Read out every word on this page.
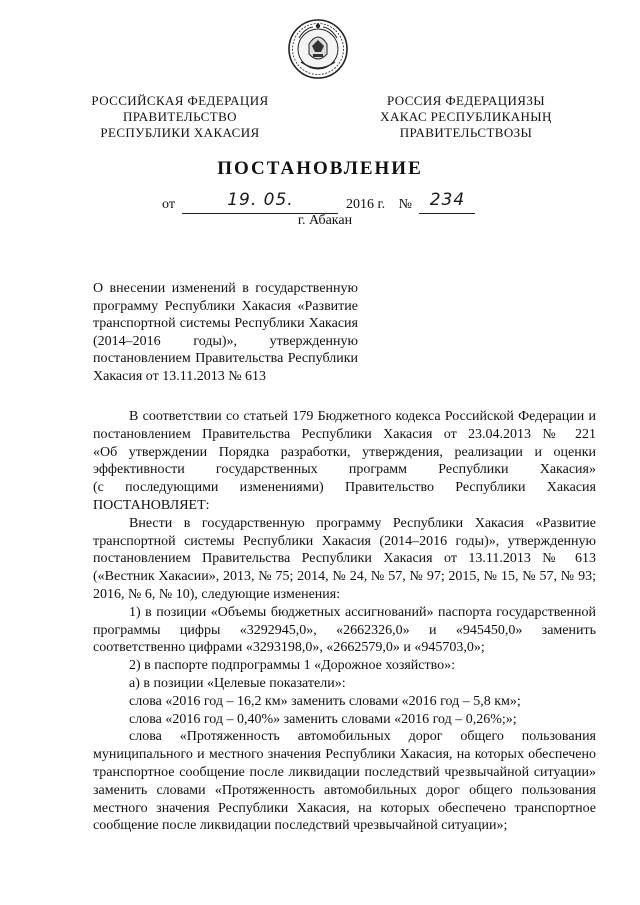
РОССИЙСКАЯ ФЕДЕРАЦИЯ
ПРАВИТЕЛЬСТВО
РЕСПУБЛИКИ ХАКАСИЯ
РОССИЯ ФЕДЕРАЦИЯЗЫ
ХАКАС РЕСПУБЛИКАНЫҢ
ПРАВИТЕЛЬСТВОЗЫ
ПОСТАНОВЛЕНИЕ
от	19. 05.	2016 г. № 234
г. Абакан
О внесении изменений в государственную
программу Республики Хакасия «Развитие
транспортной системы Республики Хакасия
(2014–2016 годы)», утвержденную
постановлением Правительства Республики
Хакасия от 13.11.2013 № 613
В соответствии со статьей 179 Бюджетного кодекса Российской Федерации и
постановлением Правительства Республики Хакасия от 23.04.2013 № 221
«Об утверждении Порядка разработки, утверждения, реализации и оценки
эффективности государственных программ Республики Хакасия»
(с последующими изменениями) Правительство Республики Хакасия
ПОСТАНОВЛЯЕТ:
Внести в государственную программу Республики Хакасия «Развитие
транспортной системы Республики Хакасия (2014–2016 годы)», утвержденную
постановлением Правительства Республики Хакасия от 13.11.2013 № 613
(«Вестник Хакасии», 2013, № 75; 2014, № 24, № 57, № 97; 2015, № 15, № 57, № 93;
2016, № 6, № 10), следующие изменения:
1) в позиции «Объемы бюджетных ассигнований» паспорта государственной
программы цифры «3292945,0», «2662326,0» и «945450,0» заменить
соответственно цифрами «3293198,0», «2662579,0» и «945703,0»;
2) в паспорте подпрограммы 1 «Дорожное хозяйство»:
а) в позиции «Целевые показатели»:
слова «2016 год – 16,2 км» заменить словами «2016 год – 5,8 км»;
слова «2016 год – 0,40%» заменить словами «2016 год – 0,26%;»;
слова «Протяженность автомобильных дорог общего пользования
муниципального и местного значения Республики Хакасия, на которых обеспечено
транспортное сообщение после ликвидации последствий чрезвычайной ситуации»
заменить словами «Протяженность автомобильных дорог общего пользования
местного значения Республики Хакасия, на которых обеспечено транспортное
сообщение после ликвидации последствий чрезвычайной ситуации»;
